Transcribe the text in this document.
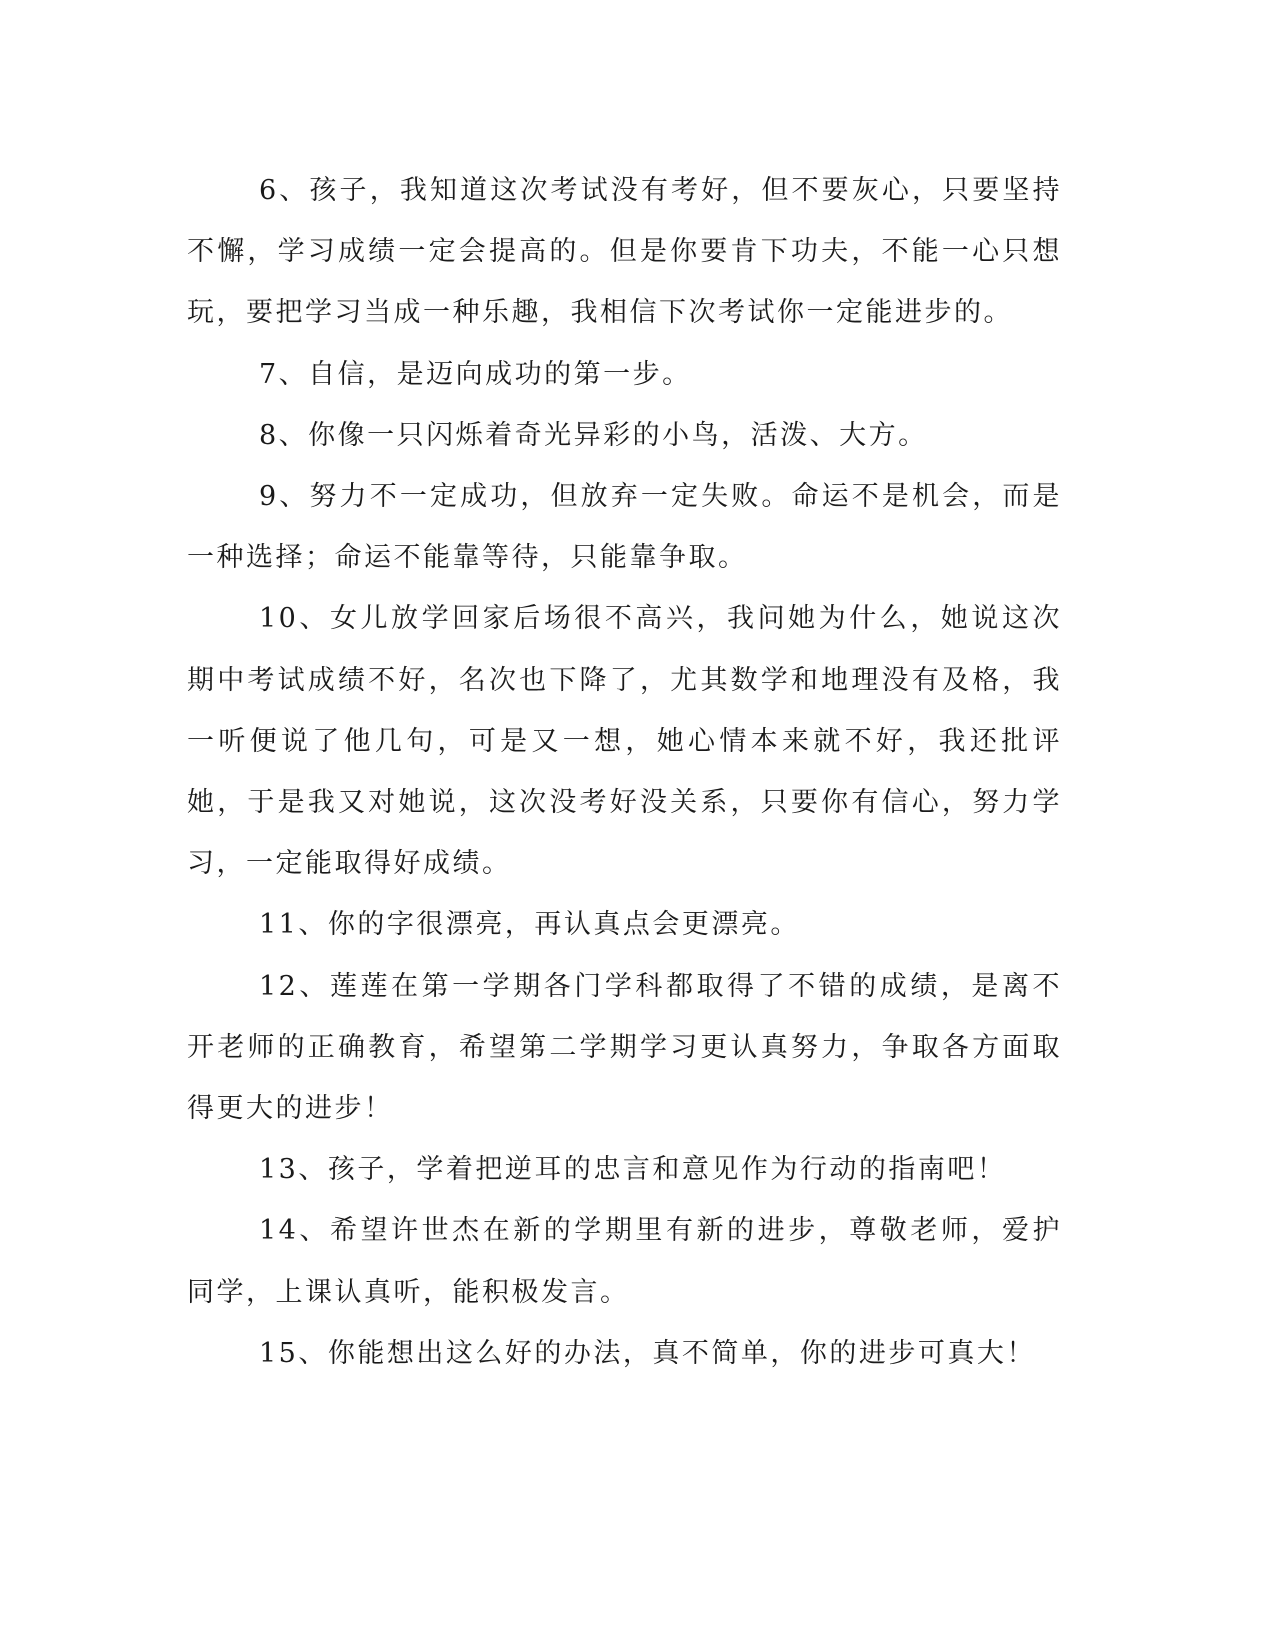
6、孩子，我知道这次考试没有考好，但不要灰心，只要坚持不懈，学习成绩一定会提高的。但是你要肯下功夫，不能一心只想玩，要把学习当成一种乐趣，我相信下次考试你一定能进步的。

7、自信，是迈向成功的第一步。

8、你像一只闪烁着奇光异彩的小鸟，活泼、大方。

9、努力不一定成功，但放弃一定失败。命运不是机会，而是一种选择；命运不能靠等待，只能靠争取。

10、女儿放学回家后场很不高兴，我问她为什么，她说这次期中考试成绩不好，名次也下降了，尤其数学和地理没有及格，我一听便说了他几句，可是又一想，她心情本来就不好，我还批评她，于是我又对她说，这次没考好没关系，只要你有信心，努力学习，一定能取得好成绩。

11、你的字很漂亮，再认真点会更漂亮。

12、莲莲在第一学期各门学科都取得了不错的成绩，是离不开老师的正确教育，希望第二学期学习更认真努力，争取各方面取得更大的进步！

13、孩子，学着把逆耳的忠言和意见作为行动的指南吧！

14、希望许世杰在新的学期里有新的进步，尊敬老师，爱护同学，上课认真听，能积极发言。

15、你能想出这么好的办法，真不简单，你的进步可真大！
